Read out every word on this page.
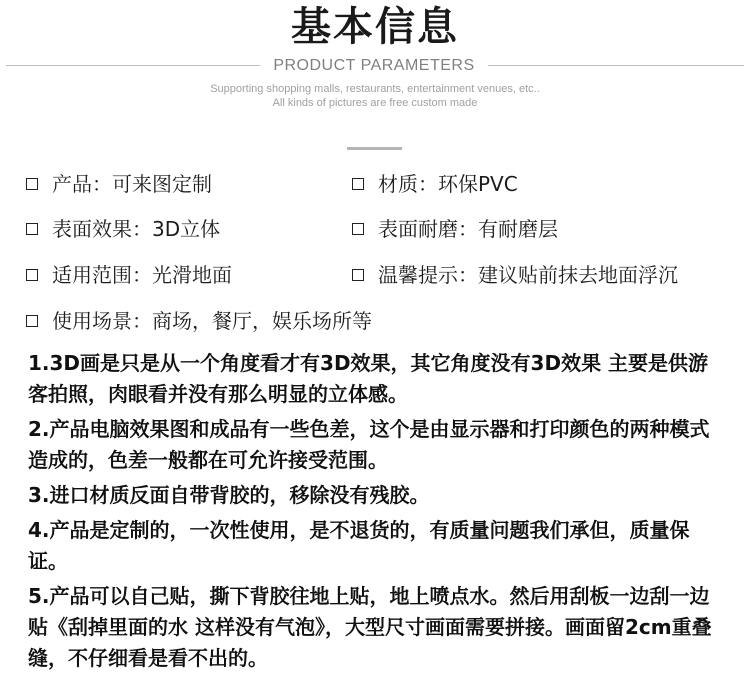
基本信息
PRODUCT PARAMETERS
Supporting shopping malls, restaurants, entertainment venues, etc..
All kinds of pictures are free custom made
产品：可来图定制	材质：环保PVC
表面效果：3D立体	表面耐磨：有耐磨层
适用范围：光滑地面	温馨提示：建议贴前抹去地面浮沉
使用场景：商场，餐厅，娱乐场所等

1.3D画是只是从一个角度看才有3D效果，其它角度没有3D效果 主要是供游客拍照，肉眼看并没有那么明显的立体感。

2.产品电脑效果图和成品有一些色差，这个是由显示器和打印颜色的两种模式造成的，色差一般都在可允许接受范围。

3.进口材质反面自带背胶的，移除没有残胶。

4.产品是定制的，一次性使用，是不退货的，有质量问题我们承但，质量保证。

5.产品可以自己贴，撕下背胶往地上贴，地上喷点水。然后用刮板一边刮一边贴《刮掉里面的水 这样没有气泡》，大型尺寸画面需要拼接。画面留2cm重叠缝，不仔细看是看不出的。
